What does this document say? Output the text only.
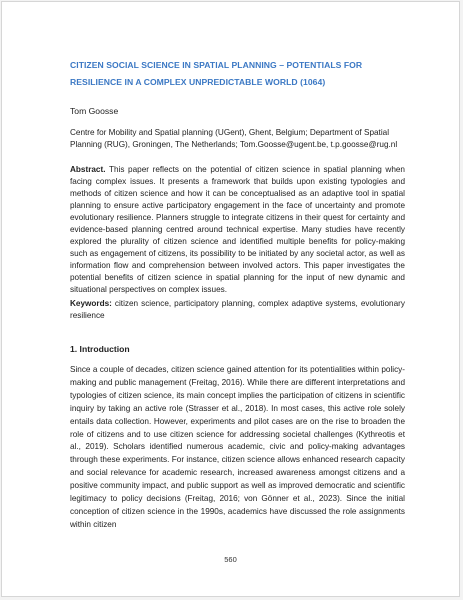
CITIZEN SOCIAL SCIENCE IN SPATIAL PLANNING – POTENTIALS FOR RESILIENCE IN A COMPLEX UNPREDICTABLE WORLD (1064)
Tom Goosse
Centre for Mobility and Spatial planning (UGent), Ghent, Belgium; Department of Spatial Planning (RUG), Groningen, The Netherlands; Tom.Goosse@ugent.be, t.p.goosse@rug.nl
Abstract. This paper reflects on the potential of citizen science in spatial planning when facing complex issues. It presents a framework that builds upon existing typologies and methods of citizen science and how it can be conceptualised as an adaptive tool in spatial planning to ensure active participatory engagement in the face of uncertainty and promote evolutionary resilience. Planners struggle to integrate citizens in their quest for certainty and evidence-based planning centred around technical expertise. Many studies have recently explored the plurality of citizen science and identified multiple benefits for policy-making such as engagement of citizens, its possibility to be initiated by any societal actor, as well as information flow and comprehension between involved actors. This paper investigates the potential benefits of citizen science in spatial planning for the input of new dynamic and situational perspectives on complex issues.
Keywords: citizen science, participatory planning, complex adaptive systems, evolutionary resilience
1. Introduction
Since a couple of decades, citizen science gained attention for its potentialities within policy-making and public management (Freitag, 2016). While there are different interpretations and typologies of citizen science, its main concept implies the participation of citizens in scientific inquiry by taking an active role (Strasser et al., 2018). In most cases, this active role solely entails data collection. However, experiments and pilot cases are on the rise to broaden the role of citizens and to use citizen science for addressing societal challenges (Kythreotis et al., 2019). Scholars identified numerous academic, civic and policy-making advantages through these experiments. For instance, citizen science allows enhanced research capacity and social relevance for academic research, increased awareness amongst citizens and a positive community impact, and public support as well as improved democratic and scientific legitimacy to policy decisions (Freitag, 2016; von Gönner et al., 2023). Since the initial conception of citizen science in the 1990s, academics have discussed the role assignments within citizen
560
